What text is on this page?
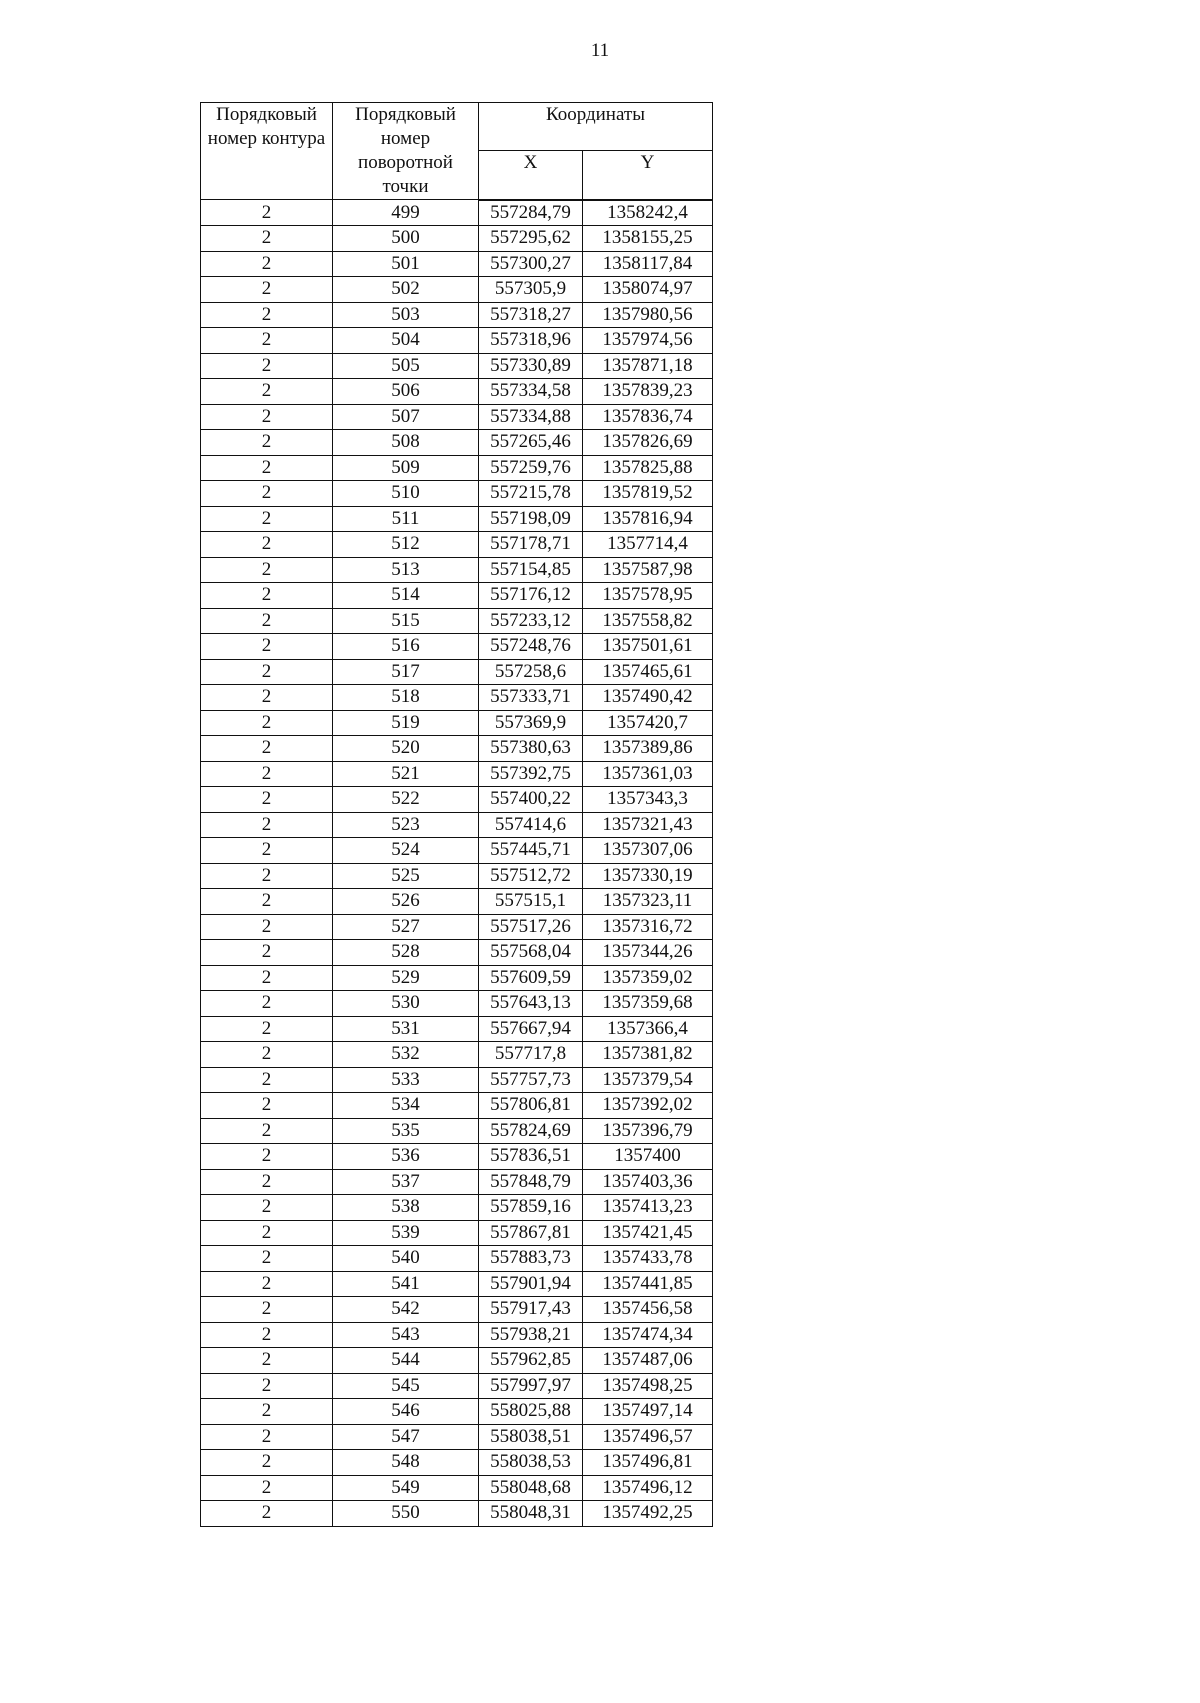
11
Порядковый номер контура	Порядковый номер поворотной точки	Координаты	
		X	Y
2	499	557284,79	1358242,4
2	500	557295,62	1358155,25
2	501	557300,27	1358117,84
2	502	557305,9	1358074,97
2	503	557318,27	1357980,56
2	504	557318,96	1357974,56
2	505	557330,89	1357871,18
2	506	557334,58	1357839,23
2	507	557334,88	1357836,74
2	508	557265,46	1357826,69
2	509	557259,76	1357825,88
2	510	557215,78	1357819,52
2	511	557198,09	1357816,94
2	512	557178,71	1357714,4
2	513	557154,85	1357587,98
2	514	557176,12	1357578,95
2	515	557233,12	1357558,82
2	516	557248,76	1357501,61
2	517	557258,6	1357465,61
2	518	557333,71	1357490,42
2	519	557369,9	1357420,7
2	520	557380,63	1357389,86
2	521	557392,75	1357361,03
2	522	557400,22	1357343,3
2	523	557414,6	1357321,43
2	524	557445,71	1357307,06
2	525	557512,72	1357330,19
2	526	557515,1	1357323,11
2	527	557517,26	1357316,72
2	528	557568,04	1357344,26
2	529	557609,59	1357359,02
2	530	557643,13	1357359,68
2	531	557667,94	1357366,4
2	532	557717,8	1357381,82
2	533	557757,73	1357379,54
2	534	557806,81	1357392,02
2	535	557824,69	1357396,79
2	536	557836,51	1357400
2	537	557848,79	1357403,36
2	538	557859,16	1357413,23
2	539	557867,81	1357421,45
2	540	557883,73	1357433,78
2	541	557901,94	1357441,85
2	542	557917,43	1357456,58
2	543	557938,21	1357474,34
2	544	557962,85	1357487,06
2	545	557997,97	1357498,25
2	546	558025,88	1357497,14
2	547	558038,51	1357496,57
2	548	558038,53	1357496,81
2	549	558048,68	1357496,12
2	550	558048,31	1357492,25
